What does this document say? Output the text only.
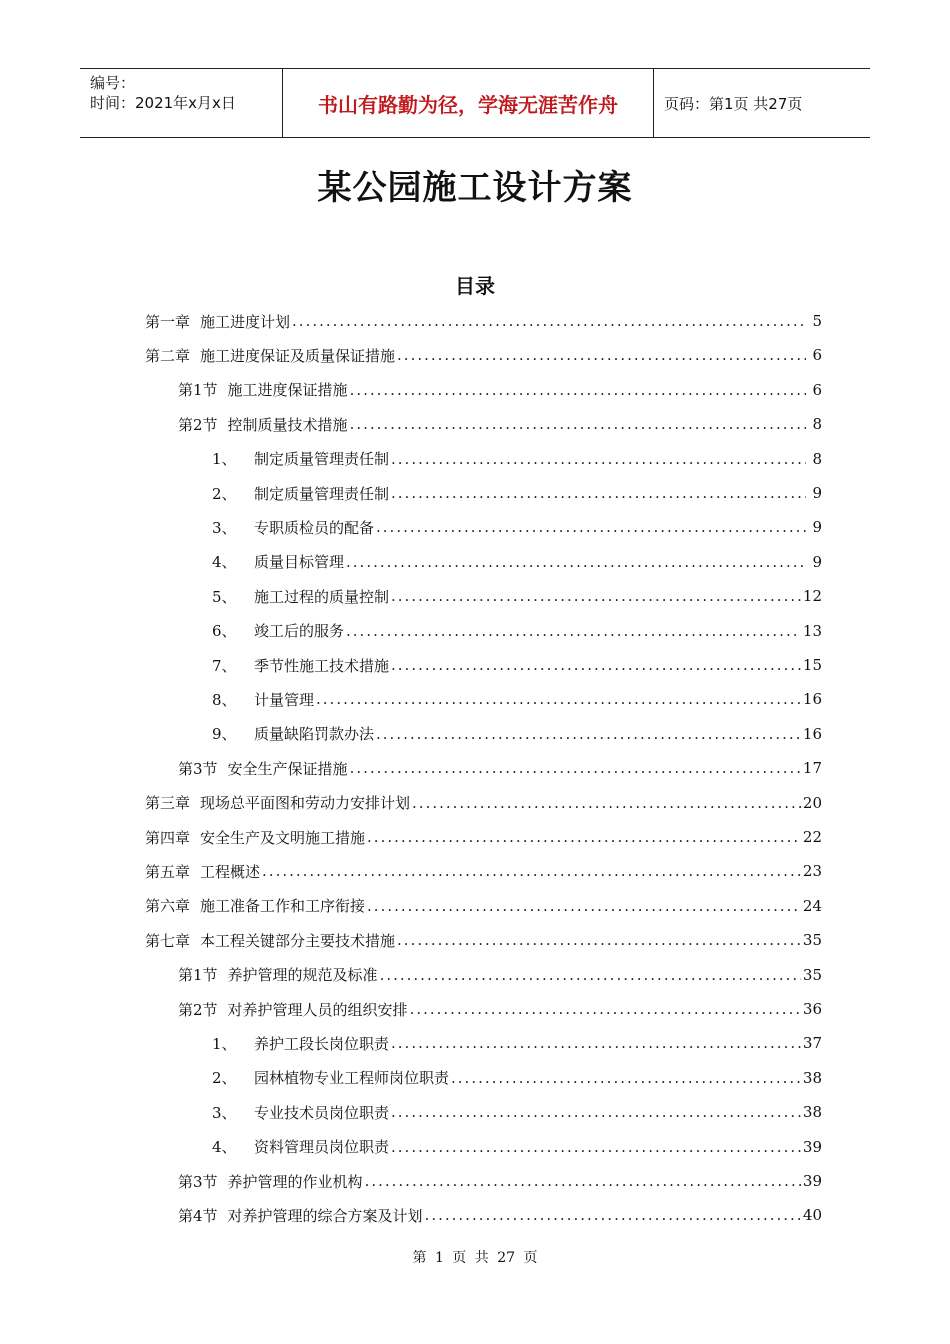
编号：
时间：2021年x月x日	书山有路勤为径，学海无涯苦作舟	页码：第1页 共27页
某公园施工设计方案
目录
第一章 施工进度计划 .....	5
第二章 施工进度保证及质量保证措施 .....	6
第1节 施工进度保证措施 .....	6
第2节 控制质量技术措施 .....	8
1、	制定质量管理责任制 .....	8
2、	制定质量管理责任制 .....	9
3、	专职质检员的配备 .....	9
4、	质量目标管理 .....	9
5、	施工过程的质量控制 .....	12
6、	竣工后的服务 .....	13
7、	季节性施工技术措施 .....	15
8、	计量管理 .....	16
9、	质量缺陷罚款办法 .....	16
第3节 安全生产保证措施 .....	17
第三章 现场总平面图和劳动力安排计划 .....	20
第四章 安全生产及文明施工措施 .....	22
第五章 工程概述 .....	23
第六章 施工准备工作和工序衔接 .....	24
第七章 本工程关键部分主要技术措施 .....	35
第1节 养护管理的规范及标准 .....	35
第2节 对养护管理人员的组织安排 .....	36
1、	养护工段长岗位职责 .....	37
2、	园林植物专业工程师岗位职责 .....	38
3、	专业技术员岗位职责 .....	38
4、	资料管理员岗位职责 .....	39
第3节 养护管理的作业机构 .....	39
第4节 对养护管理的综合方案及计划 .....	40
第 1 页 共 27 页
